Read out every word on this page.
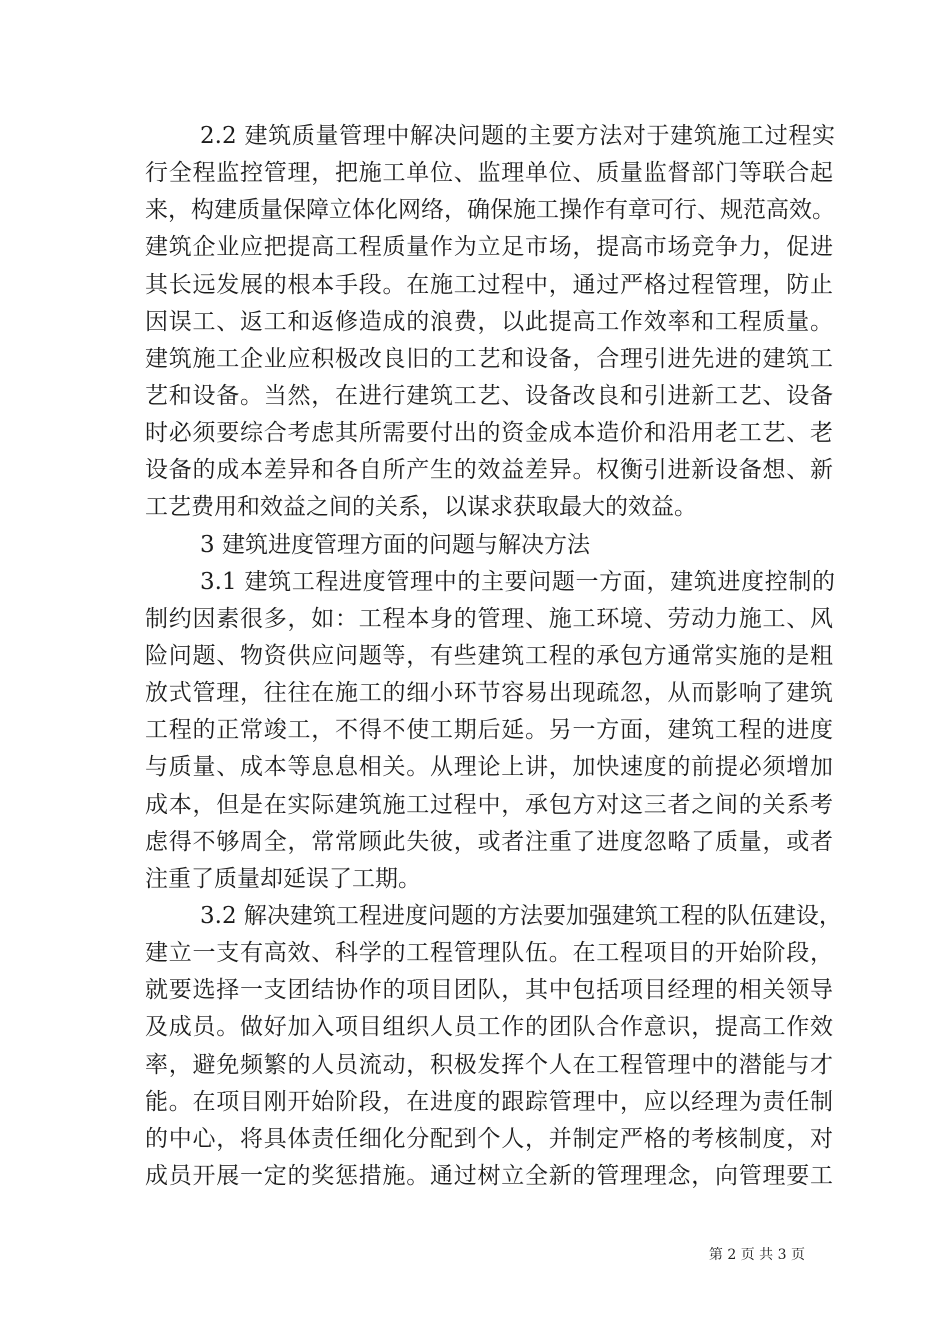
2.2 建筑质量管理中解决问题的主要方法对于建筑施工过程实
行全程监控管理，把施工单位、监理单位、质量监督部门等联合起
来，构建质量保障立体化网络，确保施工操作有章可行、规范高效。
建筑企业应把提高工程质量作为立足市场，提高市场竞争力，促进
其长远发展的根本手段。在施工过程中，通过严格过程管理，防止
因误工、返工和返修造成的浪费，以此提高工作效率和工程质量。
建筑施工企业应积极改良旧的工艺和设备，合理引进先进的建筑工
艺和设备。当然，在进行建筑工艺、设备改良和引进新工艺、设备
时必须要综合考虑其所需要付出的资金成本造价和沿用老工艺、老
设备的成本差异和各自所产生的效益差异。权衡引进新设备想、新
工艺费用和效益之间的关系，以谋求获取最大的效益。
3 建筑进度管理方面的问题与解决方法
3.1 建筑工程进度管理中的主要问题一方面，建筑进度控制的
制约因素很多，如：工程本身的管理、施工环境、劳动力施工、风
险问题、物资供应问题等，有些建筑工程的承包方通常实施的是粗
放式管理，往往在施工的细小环节容易出现疏忽，从而影响了建筑
工程的正常竣工，不得不使工期后延。另一方面，建筑工程的进度
与质量、成本等息息相关。从理论上讲，加快速度的前提必须增加
成本，但是在实际建筑施工过程中，承包方对这三者之间的关系考
虑得不够周全，常常顾此失彼，或者注重了进度忽略了质量，或者
注重了质量却延误了工期。
3.2 解决建筑工程进度问题的方法要加强建筑工程的队伍建设，
建立一支有高效、科学的工程管理队伍。在工程项目的开始阶段，
就要选择一支团结协作的项目团队，其中包括项目经理的相关领导
及成员。做好加入项目组织人员工作的团队合作意识，提高工作效
率，避免频繁的人员流动，积极发挥个人在工程管理中的潜能与才
能。在项目刚开始阶段，在进度的跟踪管理中，应以经理为责任制
的中心，将具体责任细化分配到个人，并制定严格的考核制度，对
成员开展一定的奖惩措施。通过树立全新的管理理念，向管理要工
第 2 页 共 3 页
